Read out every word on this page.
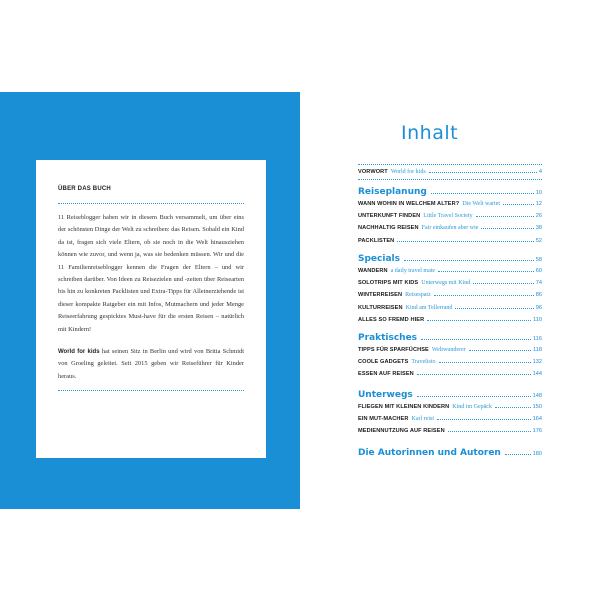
ÜBER DAS BUCH
11 Reiseblogger haben wir in diesem Buch versammelt, um über eins der schönsten Dinge der Welt zu schreiben: das Reisen. Sobald ein Kind da ist, fragen sich viele Eltern, ob sie noch in die Welt hinausziehen können wie zuvor, und wenn ja, was sie bedenken müssen. Wir und die 11 Familienreiseblogger kennen die Fragen der Eltern – und wir schreiben darüber. Von Ideen zu Reisezielen und -zeiten über Reisearten bis hin zu konkreten Packlisten und Extra-Tipps für Alleinerziehende ist dieser kompakte Ratgeber ein mit Infos, Mutmachern und jeder Menge Reiseerfahrung gespicktes Must-have für die ersten Reisen – natürlich mit Kindern!
World for kids hat seinen Sitz in Berlin und wird von Britta Schmidt von Groeling geleitet. Seit 2015 geben wir Reiseführer für Kinder heraus.
Inhalt
VORWORT World for kids	4
Reiseplanung	10
WANN WOHIN IN WELCHEM ALTER? Die Welt wartet	12
UNTERKUNFT FINDEN Little Travel Society	26
NACHHALTIG REISEN Fair einkaufen aber wie	38
PACKLISTEN	52
Specials	58
WANDERN a daily travel mate	60
SOLOTRIPS MIT KIDS Unterwegs mit Kind	74
WINTERREISEN Reisespatz	86
KULTURREISEN Kind am Tellerrand	96
ALLES SO FREMD HIER	110
Praktisches	116
TIPPS FÜR SPARFÜCHSE Weltwunderer	118
COOLE GADGETS Travelisto	132
ESSEN AUF REISEN	144
Unterwegs	148
FLIEGEN MIT KLEINEN KINDERN Kind im Gepäck	150
EIN MUT-MACHER Karl reist	164
MEDIENNUTZUNG AUF REISEN	176
Die Autorinnen und Autoren	180
